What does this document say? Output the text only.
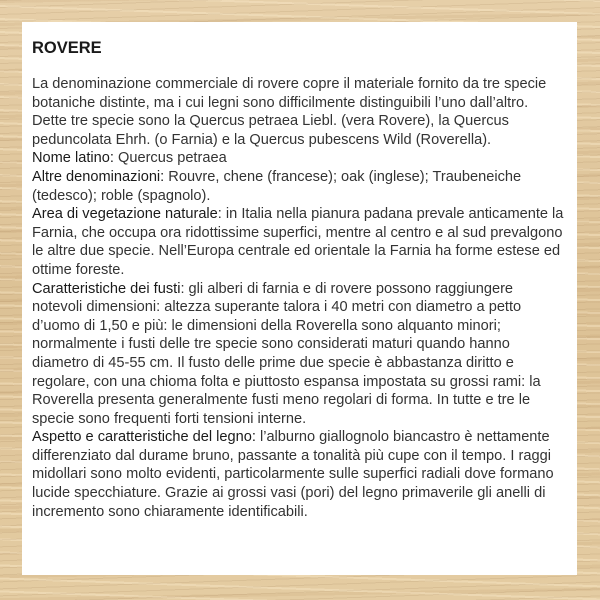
ROVERE

La denominazione commerciale di rovere copre il materiale fornito da tre specie botaniche distinte, ma i cui legni sono difficilmente distinguibili l’uno dall’altro. Dette tre specie sono la Quercus petraea Liebl. (vera Rovere), la Quercus peduncolata Ehrh. (o Farnia) e la Quercus pubescens Wild (Roverella).

Nome latino: Quercus petraea

Altre denominazioni: Rouvre, chene (francese); oak (inglese); Traubeneiche (tedesco); roble (spagnolo).

Area di vegetazione naturale: in Italia nella pianura padana prevale anticamente la Farnia, che occupa ora ridottissime superfici, mentre al centro e al sud prevalgono le altre due specie. Nell’Europa centrale ed orientale la Farnia ha forme estese ed ottime foreste.

Caratteristiche dei fusti: gli alberi di farnia e di rovere possono raggiungere notevoli dimensioni: altezza superante talora i 40 metri con diametro a petto d’uomo di 1,50 e più: le dimensioni della Roverella sono alquanto minori; normalmente i fusti delle tre specie sono considerati maturi quando hanno diametro di 45-55 cm. Il fusto delle prime due specie è abbastanza diritto e regolare, con una chioma folta e piuttosto espansa impostata su grossi rami: la Roverella presenta generalmente fusti meno regolari di forma. In tutte e tre le specie sono frequenti forti tensioni interne.

Aspetto e caratteristiche del legno: l’alburno giallognolo biancastro è nettamente differenziato dal durame bruno, passante a tonalità più cupe con il tempo. I raggi midollari sono molto evidenti, particolarmente sulle superfici radiali dove formano lucide specchiature. Grazie ai grossi vasi (pori) del legno primaverile gli anelli di incremento sono chiaramente identificabili.
